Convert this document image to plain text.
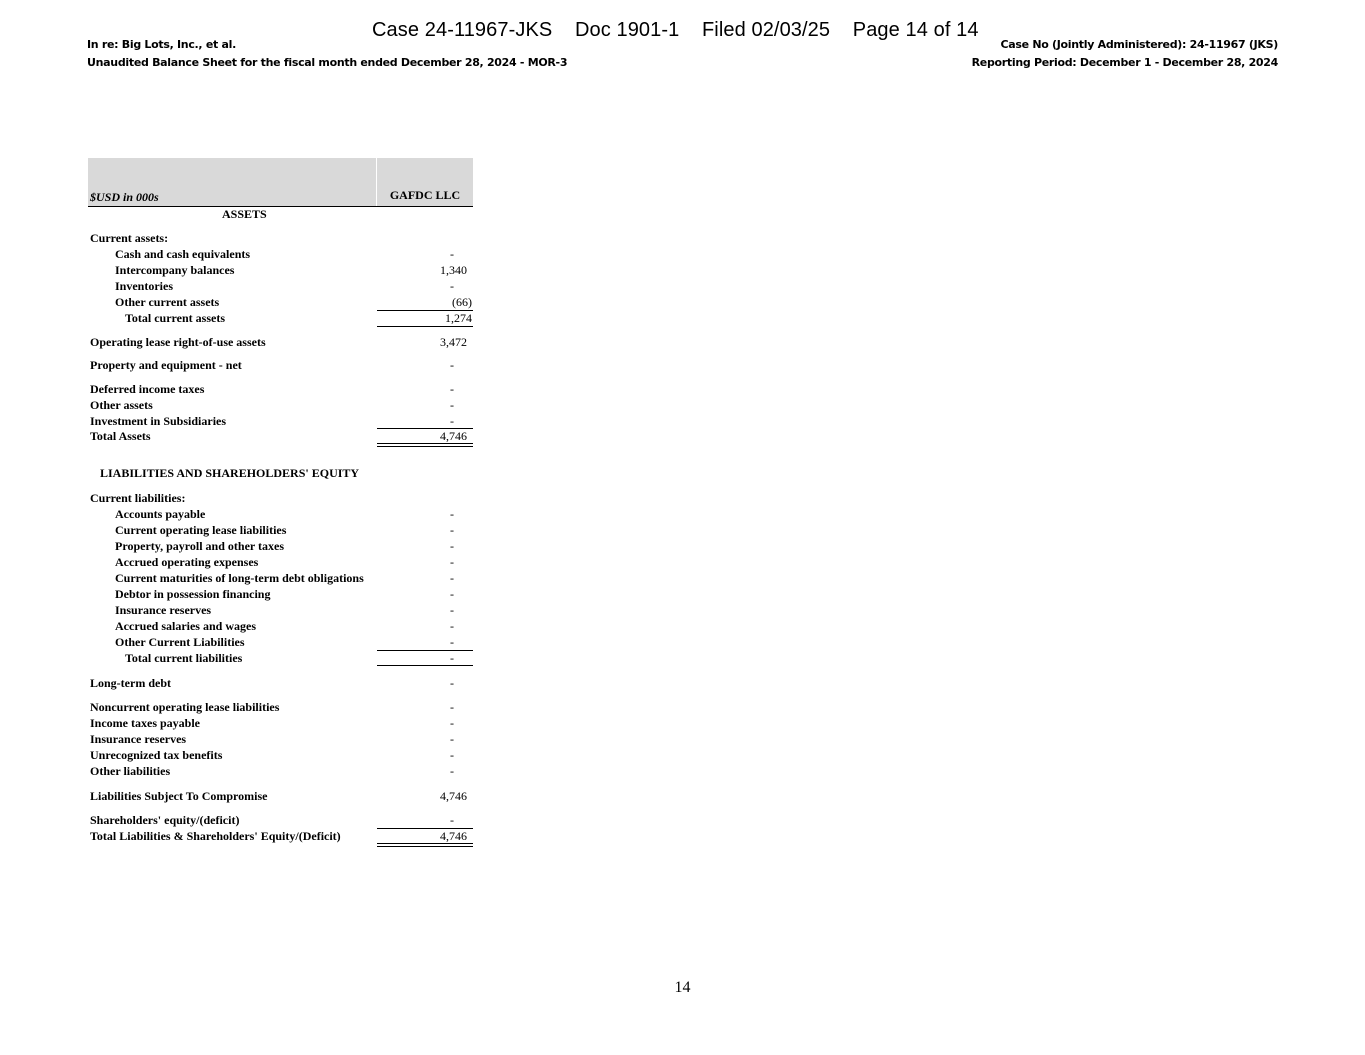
Case 24-11967-JKS    Doc 1901-1    Filed 02/03/25    Page 14 of 14
In re: Big Lots, Inc., et al.
Unaudited Balance Sheet for the fiscal month ended December 28, 2024 - MOR-3
Case No (Jointly Administered): 24-11967 (JKS)
Reporting Period: December 1 - December 28, 2024
$USD in 000s	GAFDC LLC
ASSETS
Current assets:
Cash and cash equivalents	-
Intercompany balances	1,340
Inventories	-
Other current assets	(66)
Total current assets	1,274
Operating lease right-of-use assets	3,472
Property and equipment - net	-
Deferred income taxes	-
Other assets	-
Investment in Subsidiaries	-
Total Assets	4,746
LIABILITIES AND SHAREHOLDERS' EQUITY
Current liabilities:
Accounts payable	-
Current operating lease liabilities	-
Property, payroll and other taxes	-
Accrued operating expenses	-
Current maturities of long-term debt obligations	-
Debtor in possession financing	-
Insurance reserves	-
Accrued salaries and wages	-
Other Current Liabilities	-
Total current liabilities	-
Long-term debt	-
Noncurrent operating lease liabilities	-
Income taxes payable	-
Insurance reserves	-
Unrecognized tax benefits	-
Other liabilities	-
Liabilities Subject To Compromise	4,746
Shareholders' equity/(deficit)	-
Total Liabilities & Shareholders' Equity/(Deficit)	4,746
14
